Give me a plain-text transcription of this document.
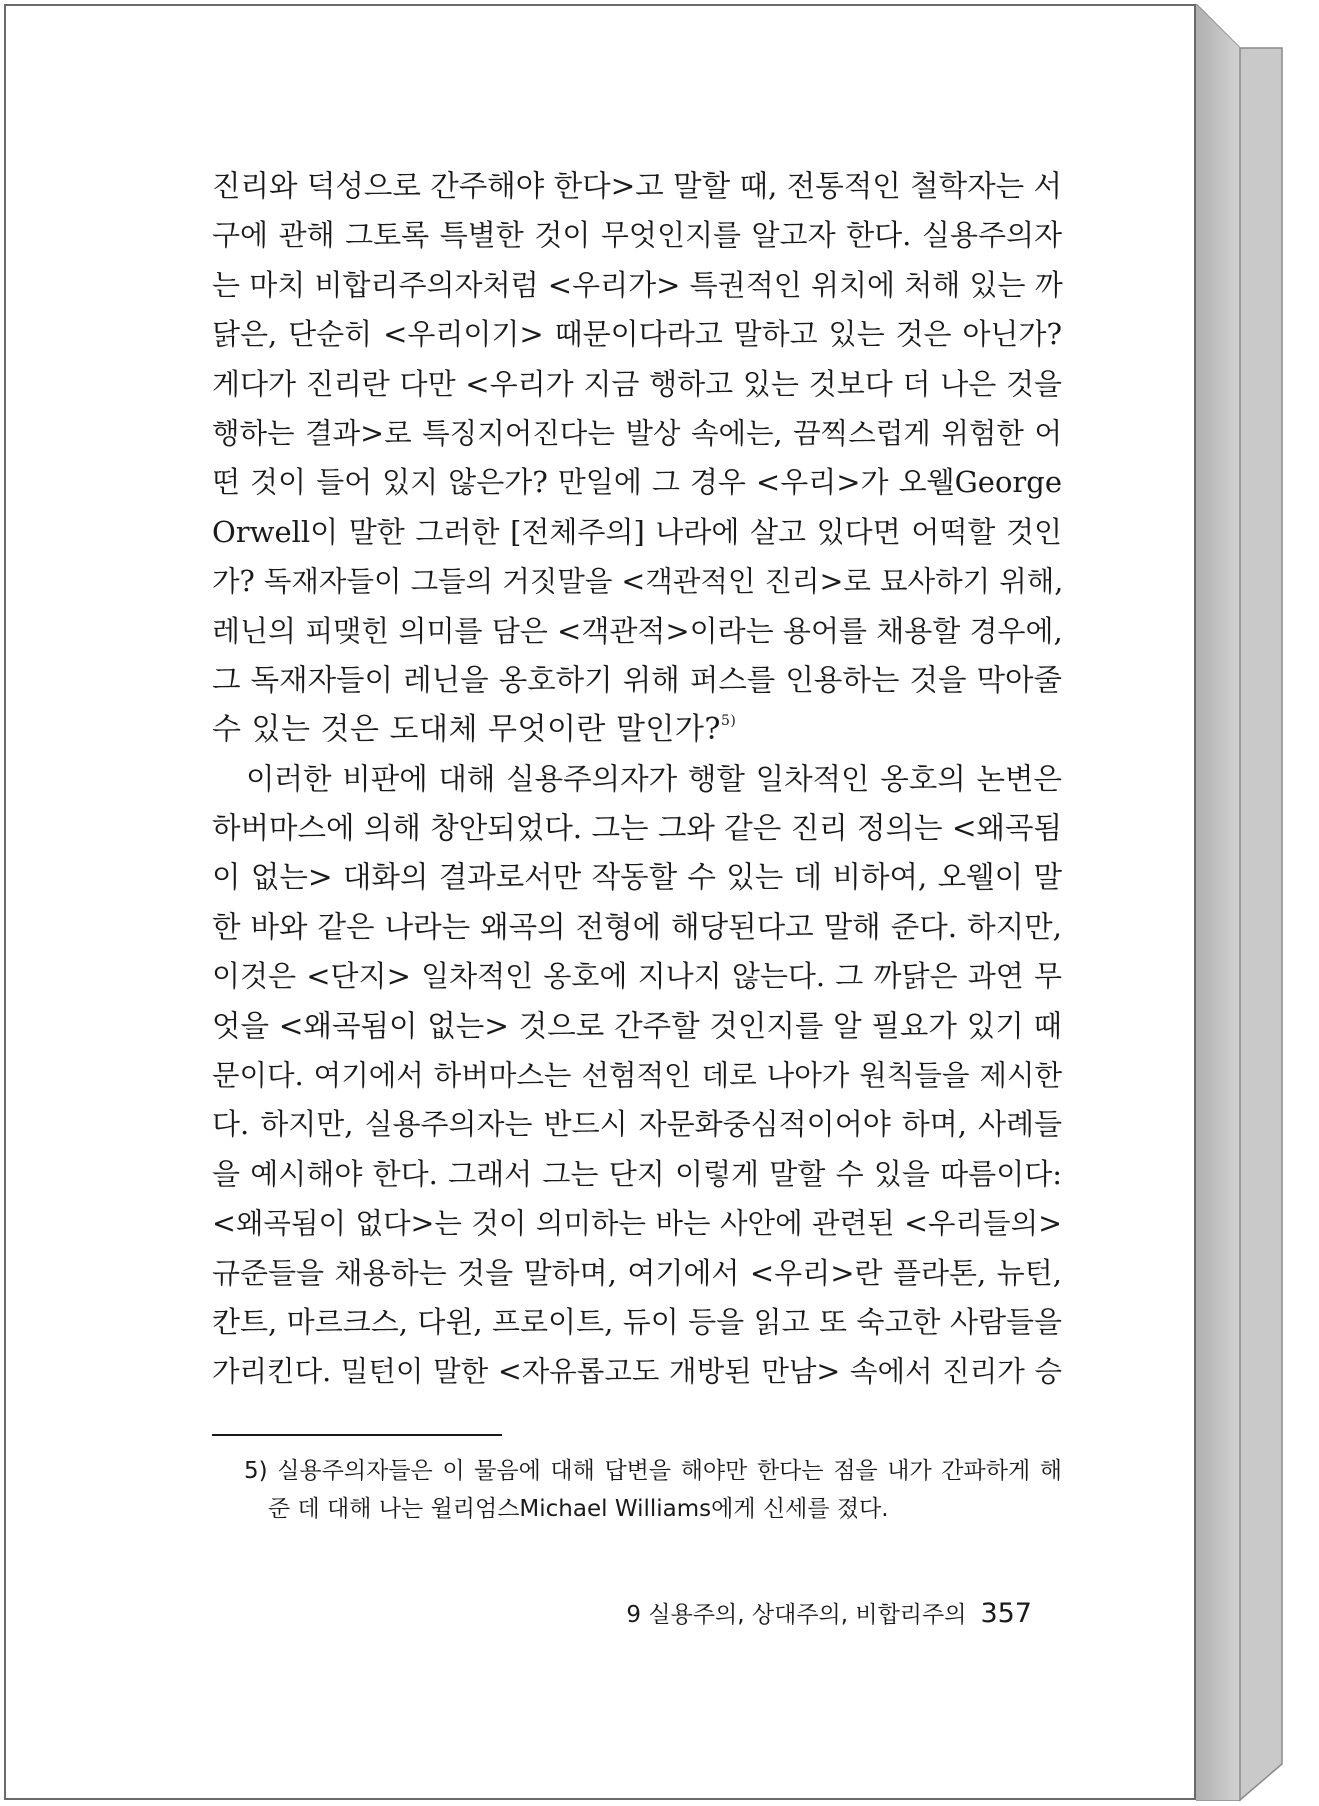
진리와 덕성으로 간주해야 한다>고 말할 때, 전통적인 철학자는 서
구에 관해 그토록 특별한 것이 무엇인지를 알고자 한다. 실용주의자
는 마치 비합리주의자처럼 <우리가> 특권적인 위치에 처해 있는 까
닭은, 단순히 <우리이기> 때문이다라고 말하고 있는 것은 아닌가?
게다가 진리란 다만 <우리가 지금 행하고 있는 것보다 더 나은 것을
행하는 결과>로 특징지어진다는 발상 속에는, 끔찍스럽게 위험한 어
떤 것이 들어 있지 않은가? 만일에 그 경우 <우리>가 오웰George
Orwell이 말한 그러한 [전체주의] 나라에 살고 있다면 어떡할 것인
가? 독재자들이 그들의 거짓말을 <객관적인 진리>로 묘사하기 위해,
레닌의 피맺힌 의미를 담은 <객관적>이라는 용어를 채용할 경우에,
그 독재자들이 레닌을 옹호하기 위해 퍼스를 인용하는 것을 막아줄
수 있는 것은 도대체 무엇이란 말인가?$^{5)}$
이러한 비판에 대해 실용주의자가 행할 일차적인 옹호의 논변은
하버마스에 의해 창안되었다. 그는 그와 같은 진리 정의는 <왜곡됨
이 없는> 대화의 결과로서만 작동할 수 있는 데 비하여, 오웰이 말
한 바와 같은 나라는 왜곡의 전형에 해당된다고 말해 준다. 하지만,
이것은 <단지> 일차적인 옹호에 지나지 않는다. 그 까닭은 과연 무
엇을 <왜곡됨이 없는> 것으로 간주할 것인지를 알 필요가 있기 때
문이다. 여기에서 하버마스는 선험적인 데로 나아가 원칙들을 제시한
다. 하지만, 실용주의자는 반드시 자문화중심적이어야 하며, 사례들
을 예시해야 한다. 그래서 그는 단지 이렇게 말할 수 있을 따름이다:
<왜곡됨이 없다>는 것이 의미하는 바는 사안에 관련된 <우리들의>
규준들을 채용하는 것을 말하며, 여기에서 <우리>란 플라톤, 뉴턴,
칸트, 마르크스, 다윈, 프로이트, 듀이 등을 읽고 또 숙고한 사람들을
가리킨다. 밀턴이 말한 <자유롭고도 개방된 만남> 속에서 진리가 승
5) 실용주의자들은 이 물음에 대해 답변을 해야만 한다는 점을 내가 간파하게 해
준 데 대해 나는 윌리엄스Michael Williams에게 신세를 졌다.
9 실용주의, 상대주의, 비합리주의 357
